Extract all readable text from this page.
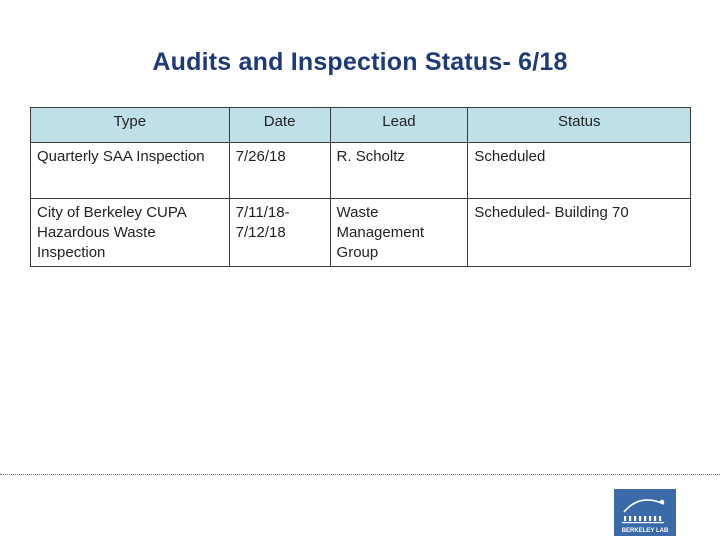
Audits and Inspection Status- 6/18
Type	Date	Lead	Status
Quarterly SAA Inspection	7/26/18	R. Scholtz	Scheduled
City of Berkeley CUPA Hazardous Waste Inspection	7/11/18-7/12/18	Waste Management Group	Scheduled- Building 70
BERKELEY LAB
